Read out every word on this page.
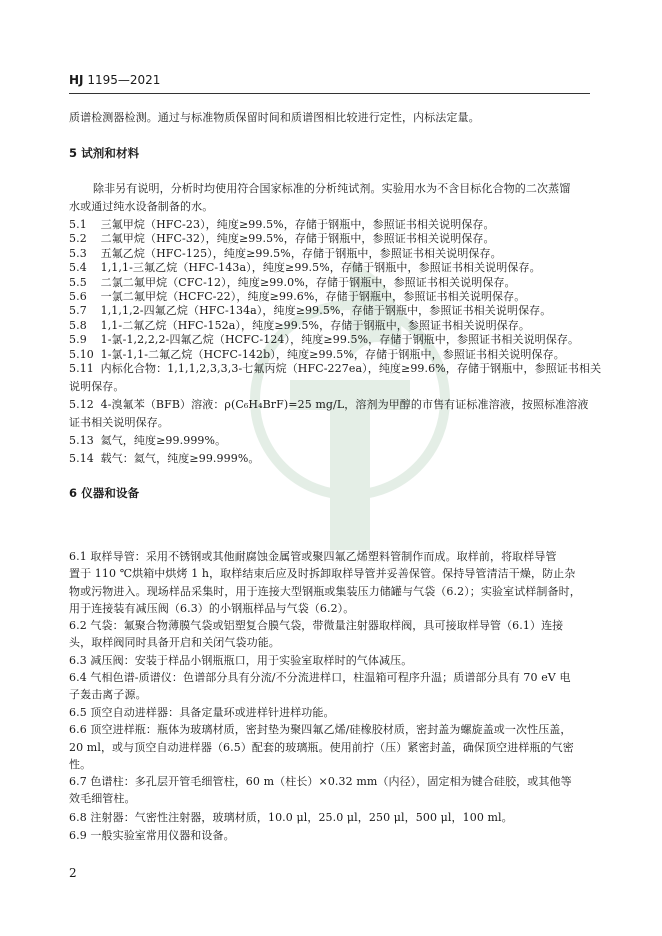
HJ 1195—2021
质谱检测器检测。通过与标准物质保留时间和质谱图相比较进行定性，内标法定量。
5 试剂和材料
除非另有说明，分析时均使用符合国家标准的分析纯试剂。实验用水为不含目标化合物的二次蒸馏
水或通过纯水设备制备的水。
5.1 三氟甲烷（HFC-23），纯度≥99.5%，存储于钢瓶中，参照证书相关说明保存。
5.2 二氟甲烷（HFC-32），纯度≥99.5%，存储于钢瓶中，参照证书相关说明保存。
5.3 五氟乙烷（HFC-125），纯度≥99.5%，存储于钢瓶中，参照证书相关说明保存。
5.4 1,1,1-三氟乙烷（HFC-143a），纯度≥99.5%，存储于钢瓶中，参照证书相关说明保存。
5.5 二氯二氟甲烷（CFC-12），纯度≥99.0%，存储于钢瓶中，参照证书相关说明保存。
5.6 一氯二氟甲烷（HCFC-22），纯度≥99.6%，存储于钢瓶中，参照证书相关说明保存。
5.7 1,1,1,2-四氟乙烷（HFC-134a），纯度≥99.5%，存储于钢瓶中，参照证书相关说明保存。
5.8 1,1-二氟乙烷（HFC-152a），纯度≥99.5%，存储于钢瓶中，参照证书相关说明保存。
5.9 1-氯-1,2,2,2-四氟乙烷（HCFC-124），纯度≥99.5%，存储于钢瓶中，参照证书相关说明保存。
5.10 1-氯-1,1-二氟乙烷（HCFC-142b），纯度≥99.5%，存储于钢瓶中，参照证书相关说明保存。
5.11 内标化合物：1,1,1,2,3,3,3-七氟丙烷（HFC-227ea），纯度≥99.6%，存储于钢瓶中，参照证书相关
说明保存。
5.12 4-溴氟苯（BFB）溶液：ρ(C₆H₄BrF)=25 mg/L，溶剂为甲醇的市售有证标准溶液，按照标准溶液
证书相关说明保存。
5.13 氦气，纯度≥99.999%。
5.14 载气：氦气，纯度≥99.999%。
6 仪器和设备
6.1 取样导管：采用不锈钢或其他耐腐蚀金属管或聚四氟乙烯塑料管制作而成。取样前，将取样导管
置于 110 ℃烘箱中烘烤 1 h，取样结束后应及时拆卸取样导管并妥善保管。保持导管清洁干燥，防止杂
物或污物进入。现场样品采集时，用于连接大型钢瓶或集装压力储罐与气袋（6.2）；实验室试样制备时，
用于连接装有减压阀（6.3）的小钢瓶样品与气袋（6.2）。
6.2 气袋：氟聚合物薄膜气袋或铝塑复合膜气袋，带微量注射器取样阀，具可接取样导管（6.1）连接
头，取样阀同时具备开启和关闭气袋功能。
6.3 减压阀：安装于样品小钢瓶瓶口，用于实验室取样时的气体减压。
6.4 气相色谱-质谱仪：色谱部分具有分流/不分流进样口，柱温箱可程序升温；质谱部分具有 70 eV 电
子轰击离子源。
6.5 顶空自动进样器：具备定量环或进样针进样功能。
6.6 顶空进样瓶：瓶体为玻璃材质，密封垫为聚四氟乙烯/硅橡胶材质，密封盖为螺旋盖或一次性压盖，
20 ml，或与顶空自动进样器（6.5）配套的玻璃瓶。使用前拧（压）紧密封盖，确保顶空进样瓶的气密
性。
6.7 色谱柱：多孔层开管毛细管柱，60 m（柱长）×0.32 mm（内径），固定相为键合硅胶，或其他等
效毛细管柱。
6.8 注射器：气密性注射器，玻璃材质，10.0 μl，25.0 μl，250 μl，500 μl，100 ml。
6.9 一般实验室常用仪器和设备。
2
